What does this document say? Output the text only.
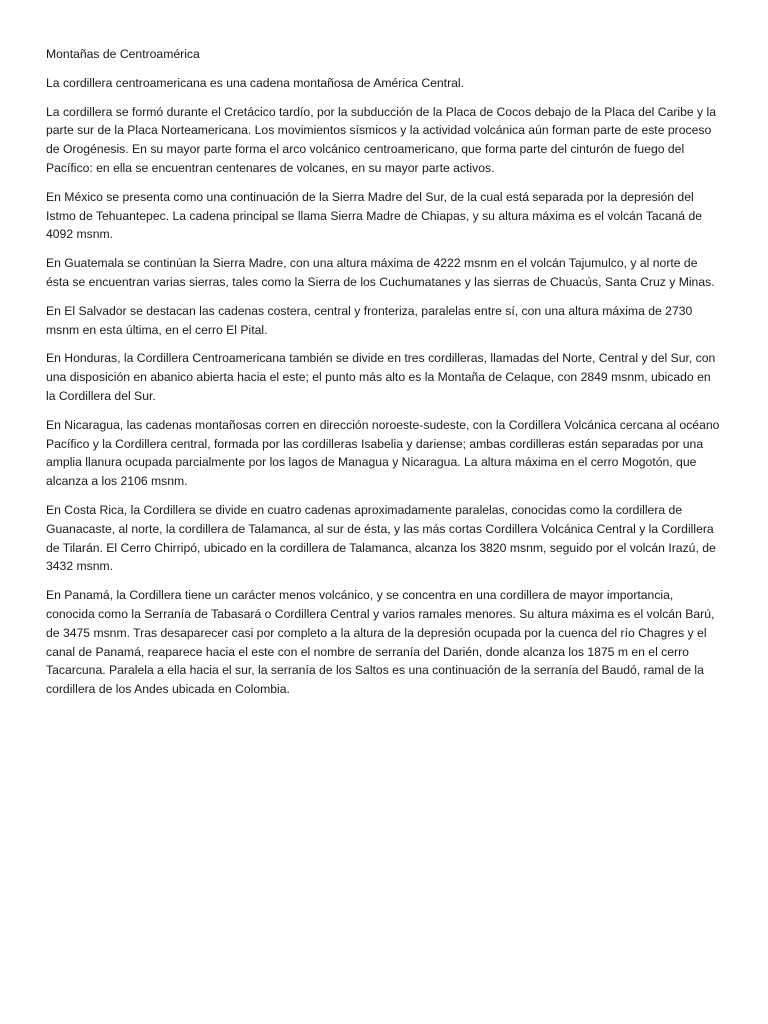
Montañas de Centroamérica

La cordillera centroamericana es una cadena montañosa de América Central.

La cordillera se formó durante el Cretácico tardío, por la subducción de la Placa de Cocos debajo de la Placa del Caribe y la parte sur de la Placa Norteamericana. Los movimientos sísmicos y la actividad volcánica aún forman parte de este proceso de Orogénesis. En su mayor parte forma el arco volcánico centroamericano, que forma parte del cinturón de fuego del Pacífico: en ella se encuentran centenares de volcanes, en su mayor parte activos.

En México se presenta como una continuación de la Sierra Madre del Sur, de la cual está separada por la depresión del Istmo de Tehuantepec. La cadena principal se llama Sierra Madre de Chiapas, y su altura máxima es el volcán Tacaná de 4092 msnm.

En Guatemala se continúan la Sierra Madre, con una altura máxima de 4222 msnm en el volcán Tajumulco, y al norte de ésta se encuentran varias sierras, tales como la Sierra de los Cuchumatanes y las sierras de Chuacús, Santa Cruz y Minas.

En El Salvador se destacan las cadenas costera, central y fronteriza, paralelas entre sí, con una altura máxima de 2730 msnm en esta última, en el cerro El Pital.

En Honduras, la Cordillera Centroamericana también se divide en tres cordilleras, llamadas del Norte, Central y del Sur, con una disposición en abanico abierta hacia el este; el punto más alto es la Montaña de Celaque, con 2849 msnm, ubicado en la Cordillera del Sur.

En Nicaragua, las cadenas montañosas corren en dirección noroeste-sudeste, con la Cordillera Volcánica cercana al océano Pacífico y la Cordillera central, formada por las cordilleras Isabelia y dariense; ambas cordilleras están separadas por una amplia llanura ocupada parcialmente por los lagos de Managua y Nicaragua. La altura máxima en el cerro Mogotón, que alcanza a los 2106 msnm.

En Costa Rica, la Cordillera se divide en cuatro cadenas aproximadamente paralelas, conocidas como la cordillera de Guanacaste, al norte, la cordillera de Talamanca, al sur de ésta, y las más cortas Cordillera Volcánica Central y la Cordillera de Tilarán. El Cerro Chirripó, ubicado en la cordillera de Talamanca, alcanza los 3820 msnm, seguido por el volcán Irazú, de 3432 msnm.

En Panamá, la Cordillera tiene un carácter menos volcánico, y se concentra en una cordillera de mayor importancia, conocida como la Serranía de Tabasará o Cordillera Central y varios ramales menores. Su altura máxima es el volcán Barú, de 3475 msnm. Tras desaparecer casi por completo a la altura de la depresión ocupada por la cuenca del río Chagres y el canal de Panamá, reaparece hacia el este con el nombre de serranía del Darién, donde alcanza los 1875 m en el cerro Tacarcuna. Paralela a ella hacia el sur, la serranía de los Saltos es una continuación de la serranía del Baudó, ramal de la cordillera de los Andes ubicada en Colombia.
